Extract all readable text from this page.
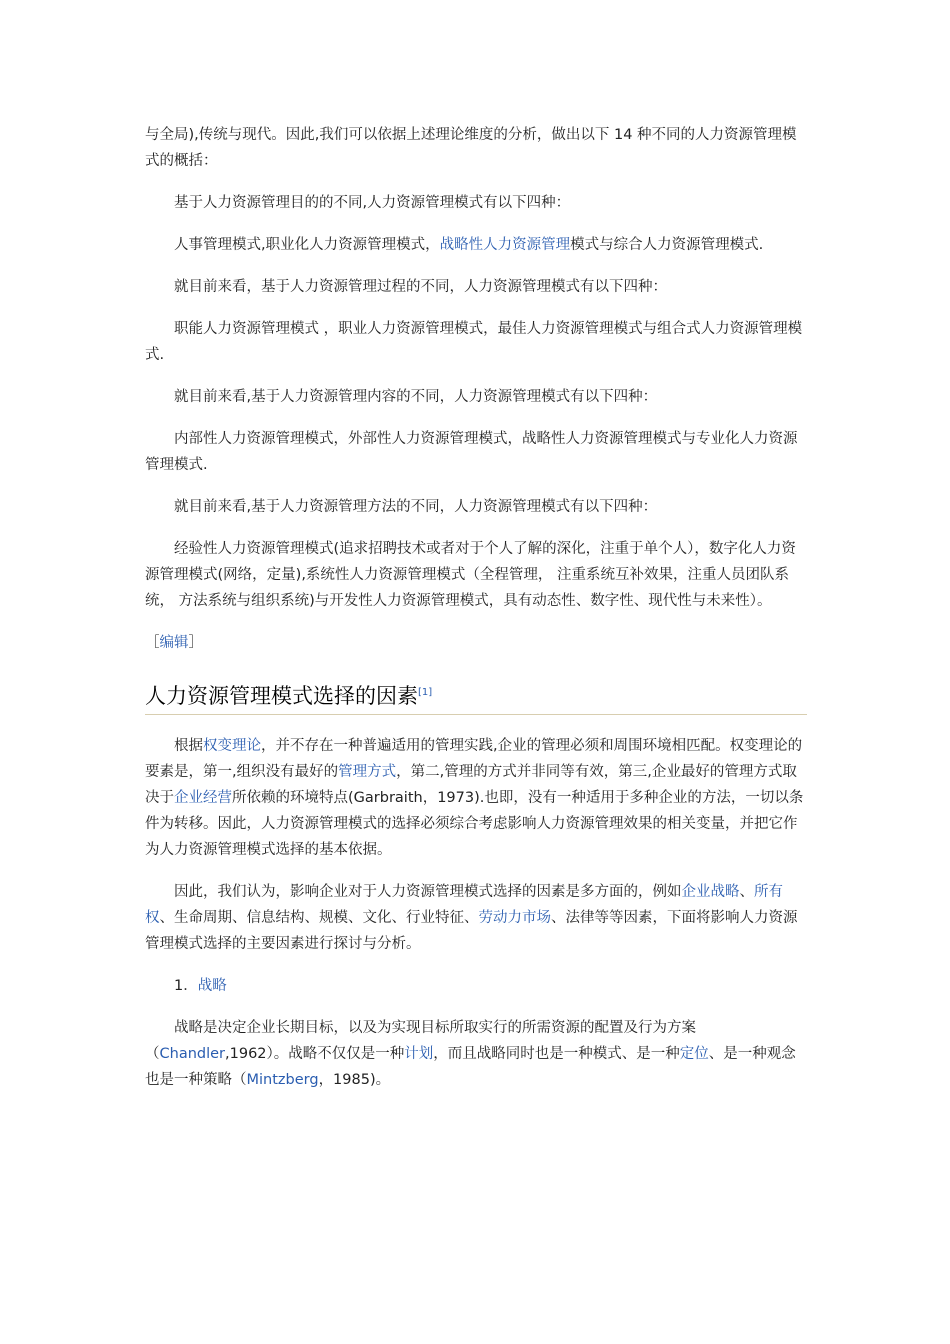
与全局),传统与现代。因此,我们可以依据上述理论维度的分析，做出以下 14 种不同的人力资源管理模式的概括：

基于人力资源管理目的的不同,人力资源管理模式有以下四种：

人事管理模式,职业化人力资源管理模式，战略性人力资源管理模式与综合人力资源管理模式.

就目前来看，基于人力资源管理过程的不同，人力资源管理模式有以下四种：

职能人力资源管理模式 ，职业人力资源管理模式，最佳人力资源管理模式与组合式人力资源管理模式.

就目前来看,基于人力资源管理内容的不同，人力资源管理模式有以下四种：

内部性人力资源管理模式，外部性人力资源管理模式，战略性人力资源管理模式与专业化人力资源管理模式.

就目前来看,基于人力资源管理方法的不同，人力资源管理模式有以下四种：

经验性人力资源管理模式(追求招聘技术或者对于个人了解的深化，注重于单个人），数字化人力资源管理模式(网络，定量),系统性人力资源管理模式（全程管理， 注重系统互补效果，注重人员团队系统， 方法系统与组织系统)与开发性人力资源管理模式，具有动态性、数字性、现代性与未来性）。

［编辑］
人力资源管理模式选择的因素[1]

根据权变理论，并不存在一种普遍适用的管理实践,企业的管理必须和周围环境相匹配。权变理论的要素是，第一,组织没有最好的管理方式，第二,管理的方式并非同等有效，第三,企业最好的管理方式取决于企业经营所依赖的环境特点(Garbraith，1973).也即，没有一种适用于多种企业的方法，一切以条件为转移。因此，人力资源管理模式的选择必须综合考虑影响人力资源管理效果的相关变量，并把它作为人力资源管理模式选择的基本依据。

因此，我们认为，影响企业对于人力资源管理模式选择的因素是多方面的，例如企业战略、所有权、生命周期、信息结构、规模、文化、行业特征、劳动力市场、法律等等因素，下面将影响人力资源管理模式选择的主要因素进行探讨与分析。

1．战略

战略是决定企业长期目标，以及为实现目标所取实行的所需资源的配置及行为方案（Chandler,1962）。战略不仅仅是一种计划，而且战略同时也是一种模式、是一种定位、是一种观念也是一种策略（Mintzberg，1985)。
